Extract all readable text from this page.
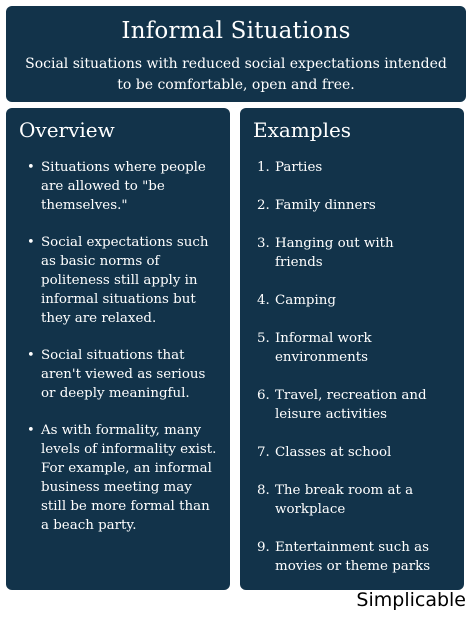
Informal Situations
Social situations with reduced social expectations intended to be comfortable, open and free.
Overview
• Situations where people are allowed to "be themselves."
• Social expectations such as basic norms of politeness still apply in informal situations but they are relaxed.
• Social situations that aren't viewed as serious or deeply meaningful.
• As with formality, many levels of informality exist. For example, an informal business meeting may still be more formal than a beach party.
Examples
1. Parties
2. Family dinners
3. Hanging out with friends
4. Camping
5. Informal work environments
6. Travel, recreation and leisure activities
7. Classes at school
8. The break room at a workplace
9. Entertainment such as movies or theme parks
Simplicable
